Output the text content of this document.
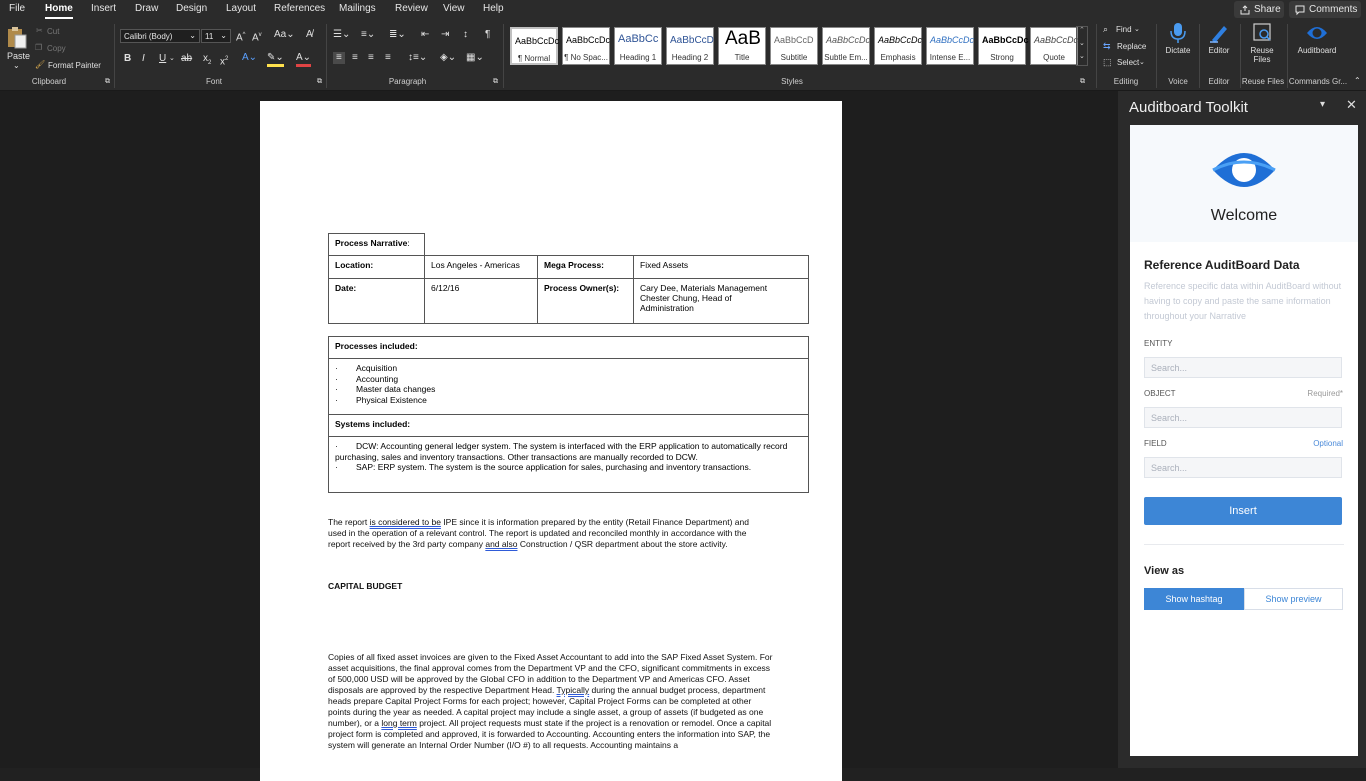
File Home Insert Draw Design Layout References Mailings Review View Help	Share	Comments
Paste
⌄
✂ Cut
❐ Copy
🖌 Format Painter
Clipboard	⧉
Calibri (Body) ⌄	11 ⌄ A^ $A^v$ Aa⌄ A̸
B I U ⌄ ab $x_2$ $x^2$ A⌄ ✎⌄ A⌄
Font	⧉
☰⌄ ≡⌄ ≣⌄ ⇤ ⇥ ↕ ¶
≡	≡ ≡ ≡ ↕≡⌄ ◈⌄ ▦⌄
Paragraph	⧉
AaBbCcDc
¶ Normal
AaBbCcDc
¶ No Spac...
AaBbCc
Heading 1
AaBbCcD
Heading 2
AaB
Title
AaBbCcD
Subtitle
AaBbCcDc
Subtle Em...
AaBbCcDc
Emphasis
AaBbCcDc
Intense E...
AaBbCcDc
Strong
AaBbCcDc
Quote
⌃
⌄
⌄
Styles	⧉
⌕ Find ⌄
⇆ Replace
⬚ Select ⌄
Editing
Dictate
Voice
Editor
Editor
Reuse
Files
Reuse Files
Auditboard
Commands Gr... ⌃
Process Narrative:			
Location:	Los Angeles - Americas	Mega Process:	Fixed Assets
Date:	6/12/16	Process Owner(s):	Cary Dee, Materials Management
Chester Chung, Head of
Administration
Processes included:

· Acquisition
· Accounting
· Master data changes
· Physical Existence

Systems included:

· DCW: Accounting general ledger system. The system is interfaced with the ERP application to automatically record purchasing, sales and inventory transactions. Other transactions are manually recorded to DCW.
· SAP: ERP system. The system is the source application for sales, purchasing and inventory transactions.
The report is considered to be IPE since it is information prepared by the entity (Retail Finance Department) and used in the operation of a relevant control. The report is updated and reconciled monthly in accordance with the report received by the 3rd party company and also Construction / QSR department about the store activity.
CAPITAL BUDGET
Copies of all fixed asset invoices are given to the Fixed Asset Accountant to add into the SAP Fixed Asset System. For asset acquisitions, the final approval comes from the Department VP and the CFO, significant commitments in excess of 500,000 USD will be approved by the Global CFO in addition to the Department VP and Americas CFO. Asset disposals are approved by the respective Department Head. Typically during the annual budget process, department heads prepare Capital Project Forms for each project; however, Capital Project Forms can be completed at other points during the year as needed. A capital project may include a single asset, a group of assets (if budgeted as one number), or a long term project. All project requests must state if the project is a renovation or remodel. Once a capital project form is completed and approved, it is forwarded to Accounting. Accounting enters the information into SAP, the system will generate an Internal Order Number (I/O #) to all requests. Accounting maintains a
Auditboard Toolkit	▾ ✕
Welcome
Reference AuditBoard Data
Reference specific data within AuditBoard without having to copy and paste the same information throughout your Narrative
ENTITY
Search...
OBJECT	Required*
Search...
FIELD	Optional
Search...
Insert
View as
Show hashtag	Show preview
